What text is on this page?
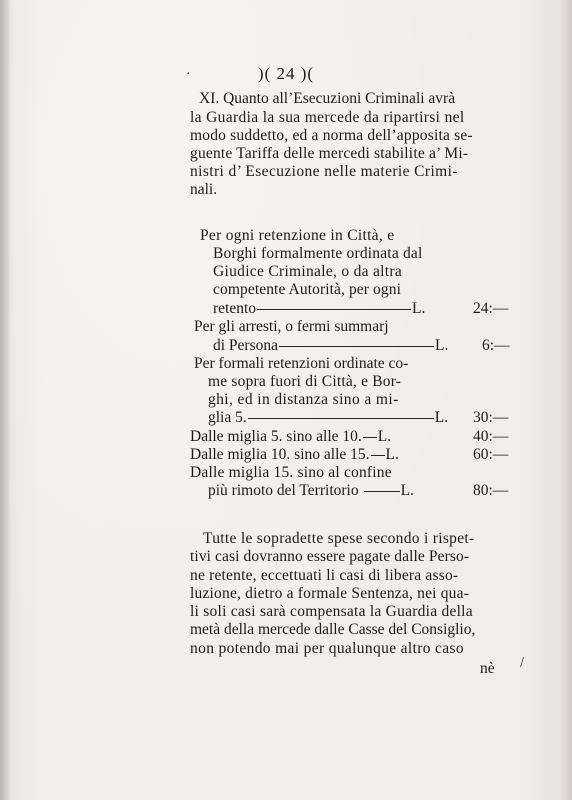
·	)( 24 )(
XI. Quanto all’Esecuzioni Criminali avrà
la Guardia la sua mercede da ripartirsi nel
modo suddetto, ed a norma dell’apposita se-
guente Tariffa delle mercedi stabilite a’ Mi-
nistri d’ Esecuzione nelle materie Crimi-
nali.
Per ogni retenzione in Città, e
Borghi formalmente ordinata dal
Giudice Criminale, o da altra
competente Autorità, per ogni
retento	L.	24:—
Per gli arresti, o fermi summarj
di Persona	L. 6:—
Per formali retenzioni ordinate co-
me sopra fuori di Città, e Bor-
ghi, ed in distanza sino a mi-
glia 5.	L. 30:—
Dalle miglia 5. sino alle 10. L.	40:—
Dalle miglia 10. sino alle 15. L.	60:—
Dalle miglia 15. sino al confine
più rimoto del Territorio	L.	80:—
Tutte le sopradette spese secondo i rispet-
tivi casi dovranno essere pagate dalle Perso-
ne retente, eccettuati li casi di libera asso-
luzione, dietro a formale Sentenza, nei qua-
li soli casi sarà compensata la Guardia della
metà della mercede dalle Casse del Consiglio,
non potendo mai per qualunque altro caso
nè /
